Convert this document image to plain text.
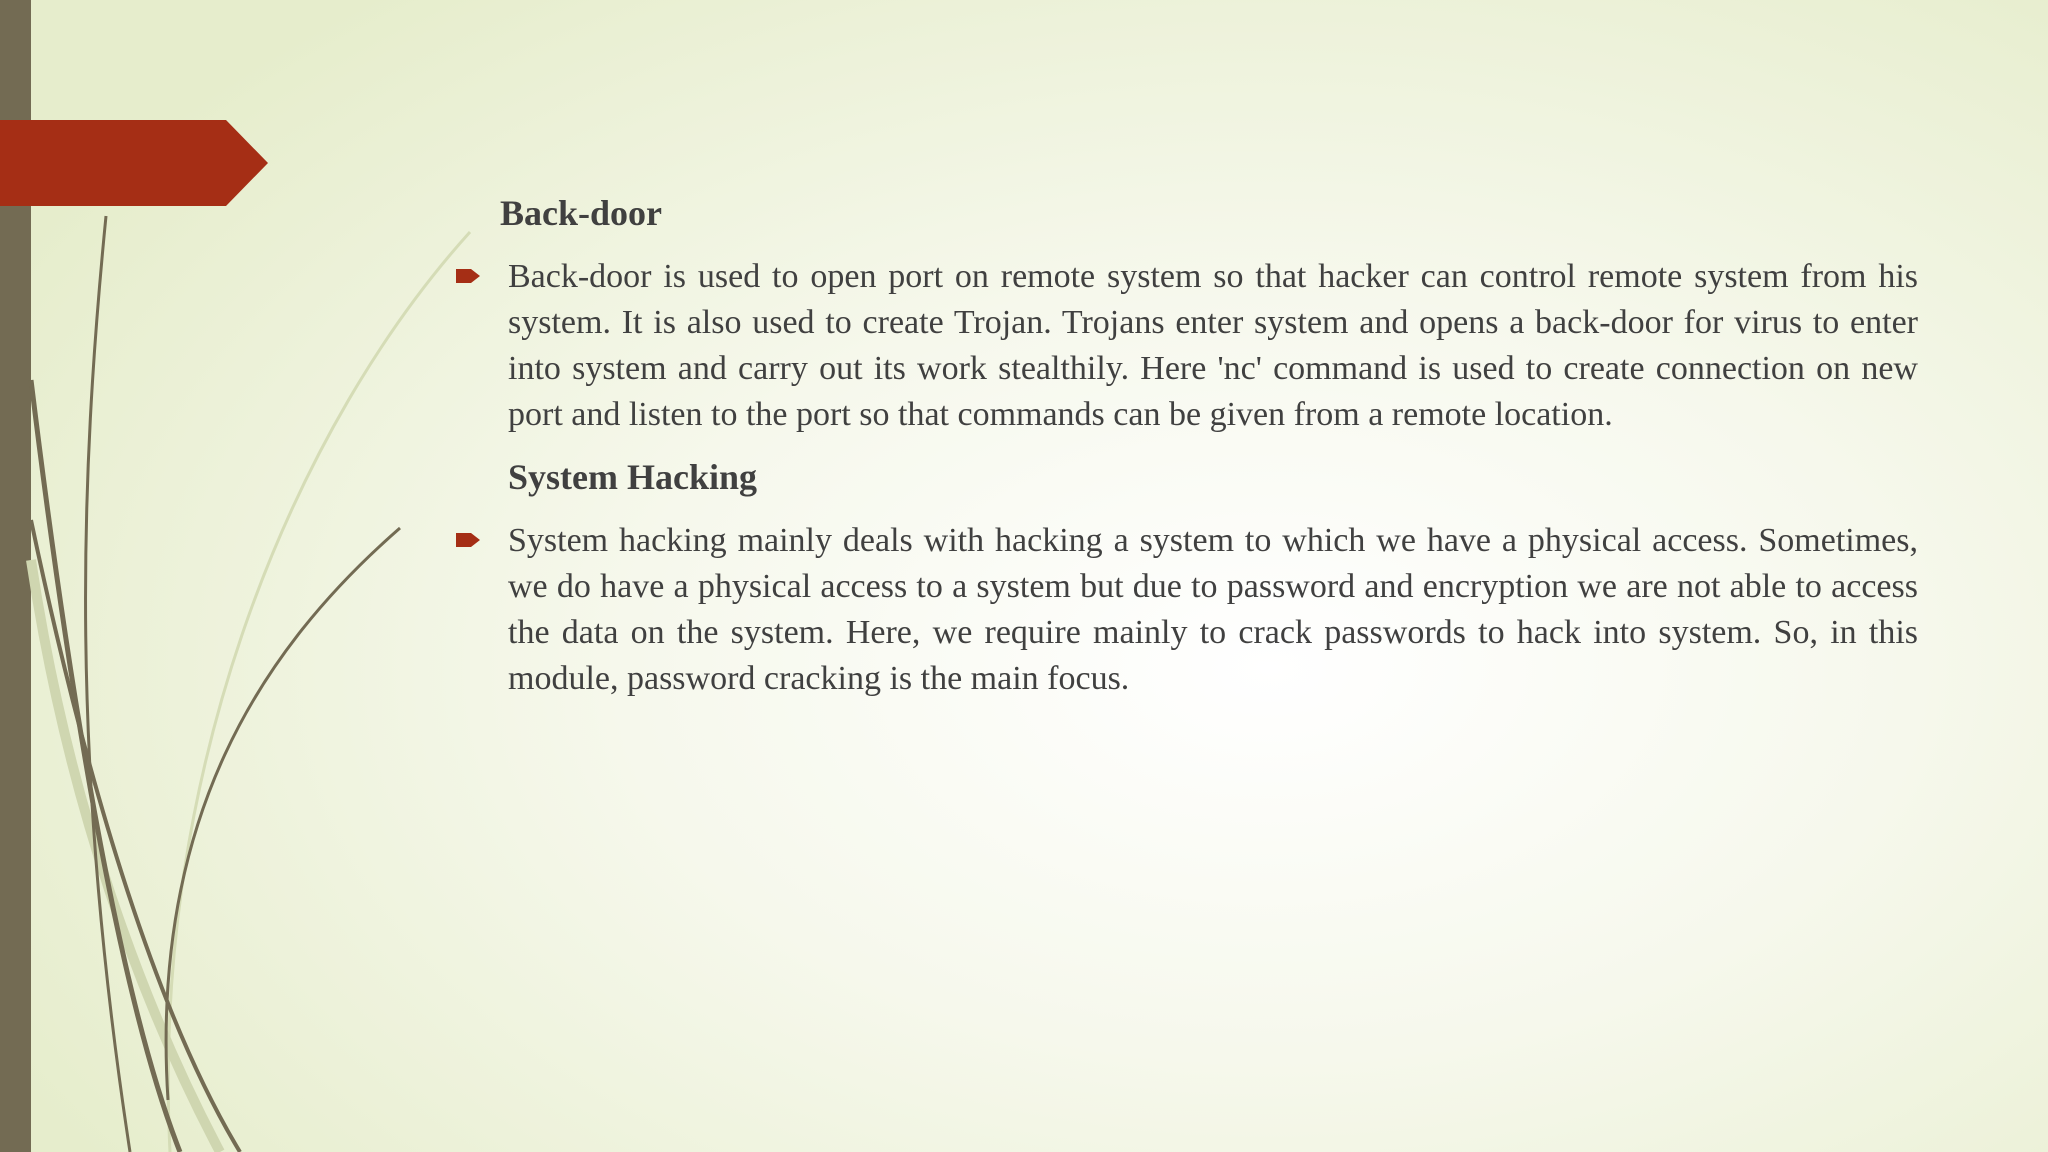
Back-door

Back-door is used to open port on remote system so that hacker can control remote system from his system. It is also used to create Trojan. Trojans enter system and opens a back-door for virus to enter into system and carry out its work stealthily. Here 'nc' command is used to create connection on new port and listen to the port so that commands can be given from a remote location.

System Hacking

System hacking mainly deals with hacking a system to which we have a physical access. Sometimes, we do have a physical access to a system but due to password and encryption we are not able to access the data on the system. Here, we require mainly to crack passwords to hack into system. So, in this module, password cracking is the main focus.
